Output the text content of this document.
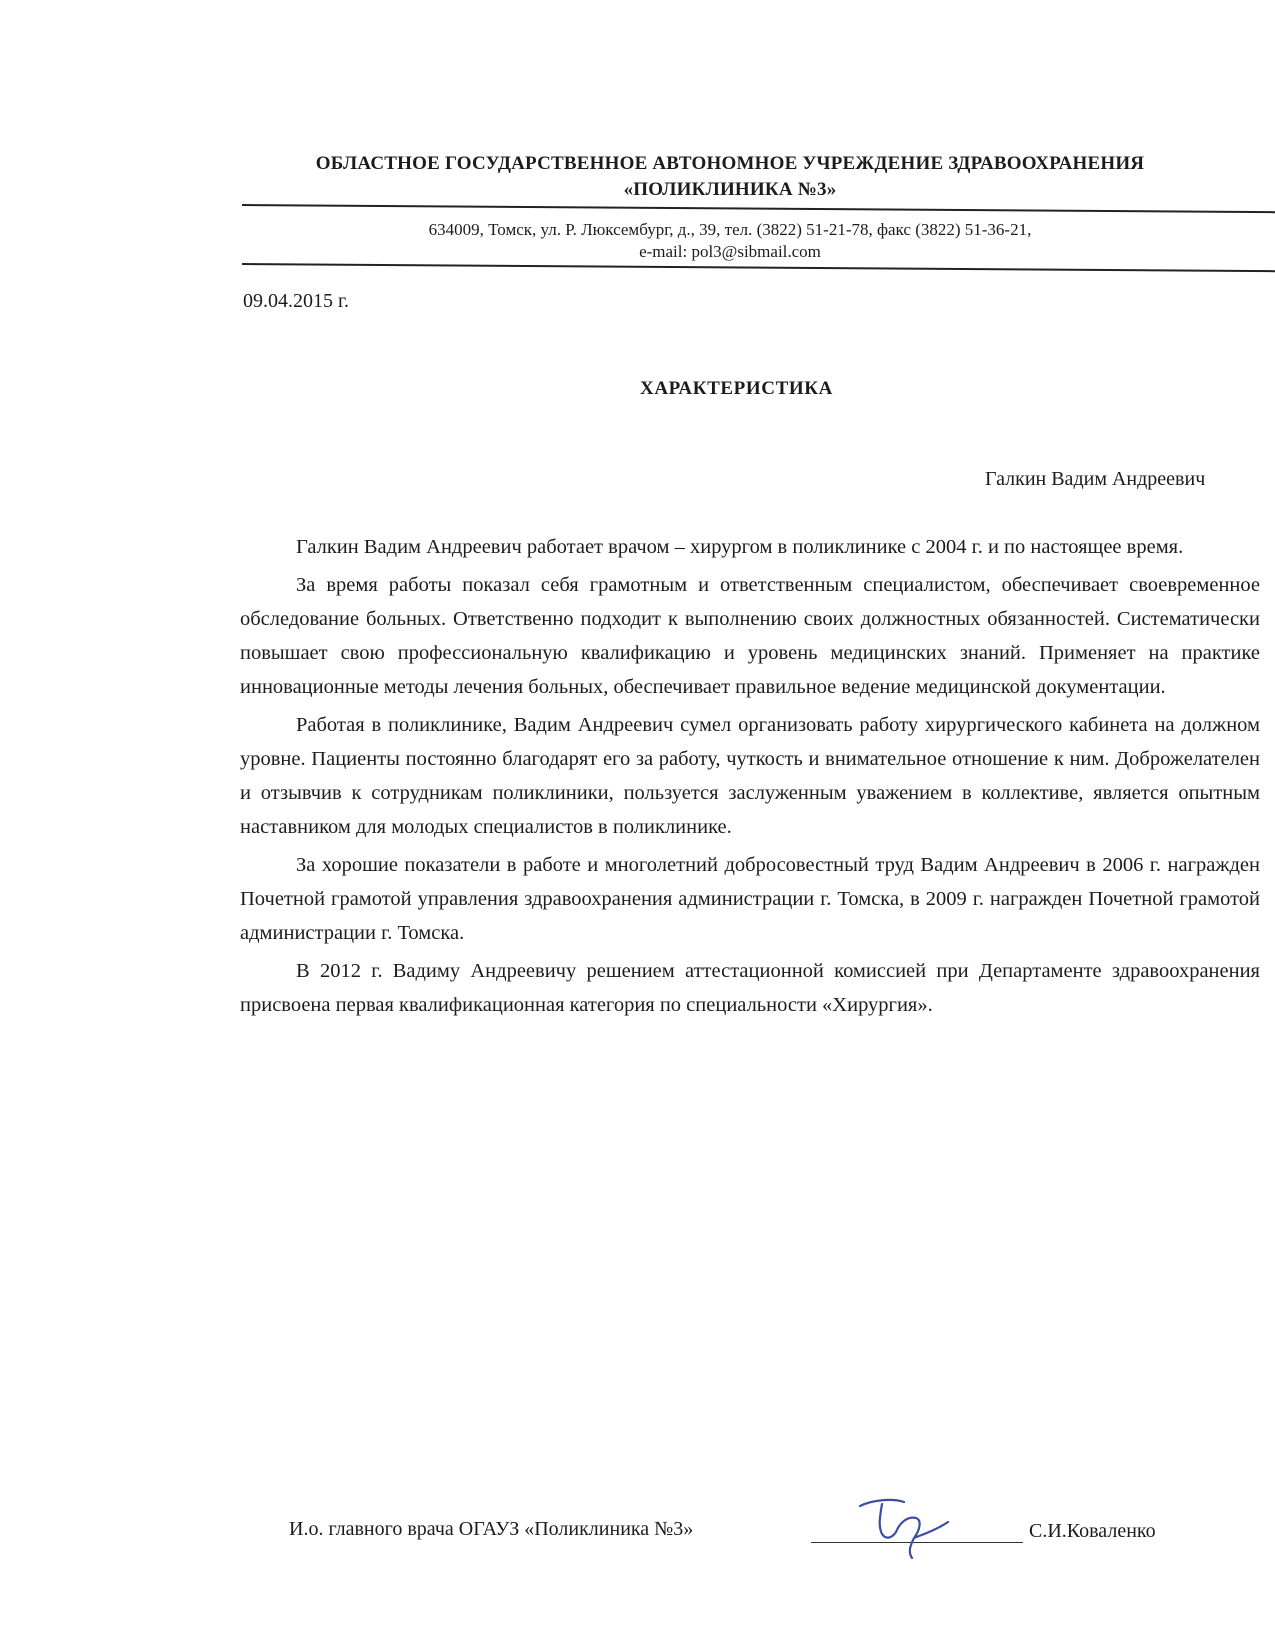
ОБЛАСТНОЕ ГОСУДАРСТВЕННОЕ АВТОНОМНОЕ УЧРЕЖДЕНИЕ ЗДРАВООХРАНЕНИЯ
«ПОЛИКЛИНИКА №3»
634009, Томск, ул. Р. Люксембург, д., 39, тел. (3822) 51-21-78, факс (3822) 51-36-21,
e-mail: pol3@sibmail.com
09.04.2015 г.
ХАРАКТЕРИСТИКА
Галкин Вадим Андреевич

Галкин Вадим Андреевич работает врачом – хирургом в поликлинике с 2004 г. и по настоящее время.

За время работы показал себя грамотным и ответственным специалистом, обеспечивает своевременное обследование больных. Ответственно подходит к выполнению своих должностных обязанностей. Систематически повышает свою профессиональную квалификацию и уровень медицинских знаний. Применяет на практике инновационные методы лечения больных, обеспечивает правильное ведение медицинской документации.

Работая в поликлинике, Вадим Андреевич сумел организовать работу хирургического кабинета на должном уровне. Пациенты постоянно благодарят его за работу, чуткость и внимательное отношение к ним. Доброжелателен и отзывчив к сотрудникам поликлиники, пользуется заслуженным уважением в коллективе, является опытным наставником для молодых специалистов в поликлинике.

За хорошие показатели в работе и многолетний добросовестный труд Вадим Андреевич в 2006 г. награжден Почетной грамотой управления здравоохранения администрации г. Томска, в 2009 г. награжден Почетной грамотой администрации г. Томска.

В 2012 г. Вадиму Андреевичу решением аттестационной комиссией при Департаменте здравоохранения присвоена первая квалификационная категория по специальности «Хирургия».

И.о. главного врача ОГАУЗ «Поликлиника №3»	С.И.Коваленко
